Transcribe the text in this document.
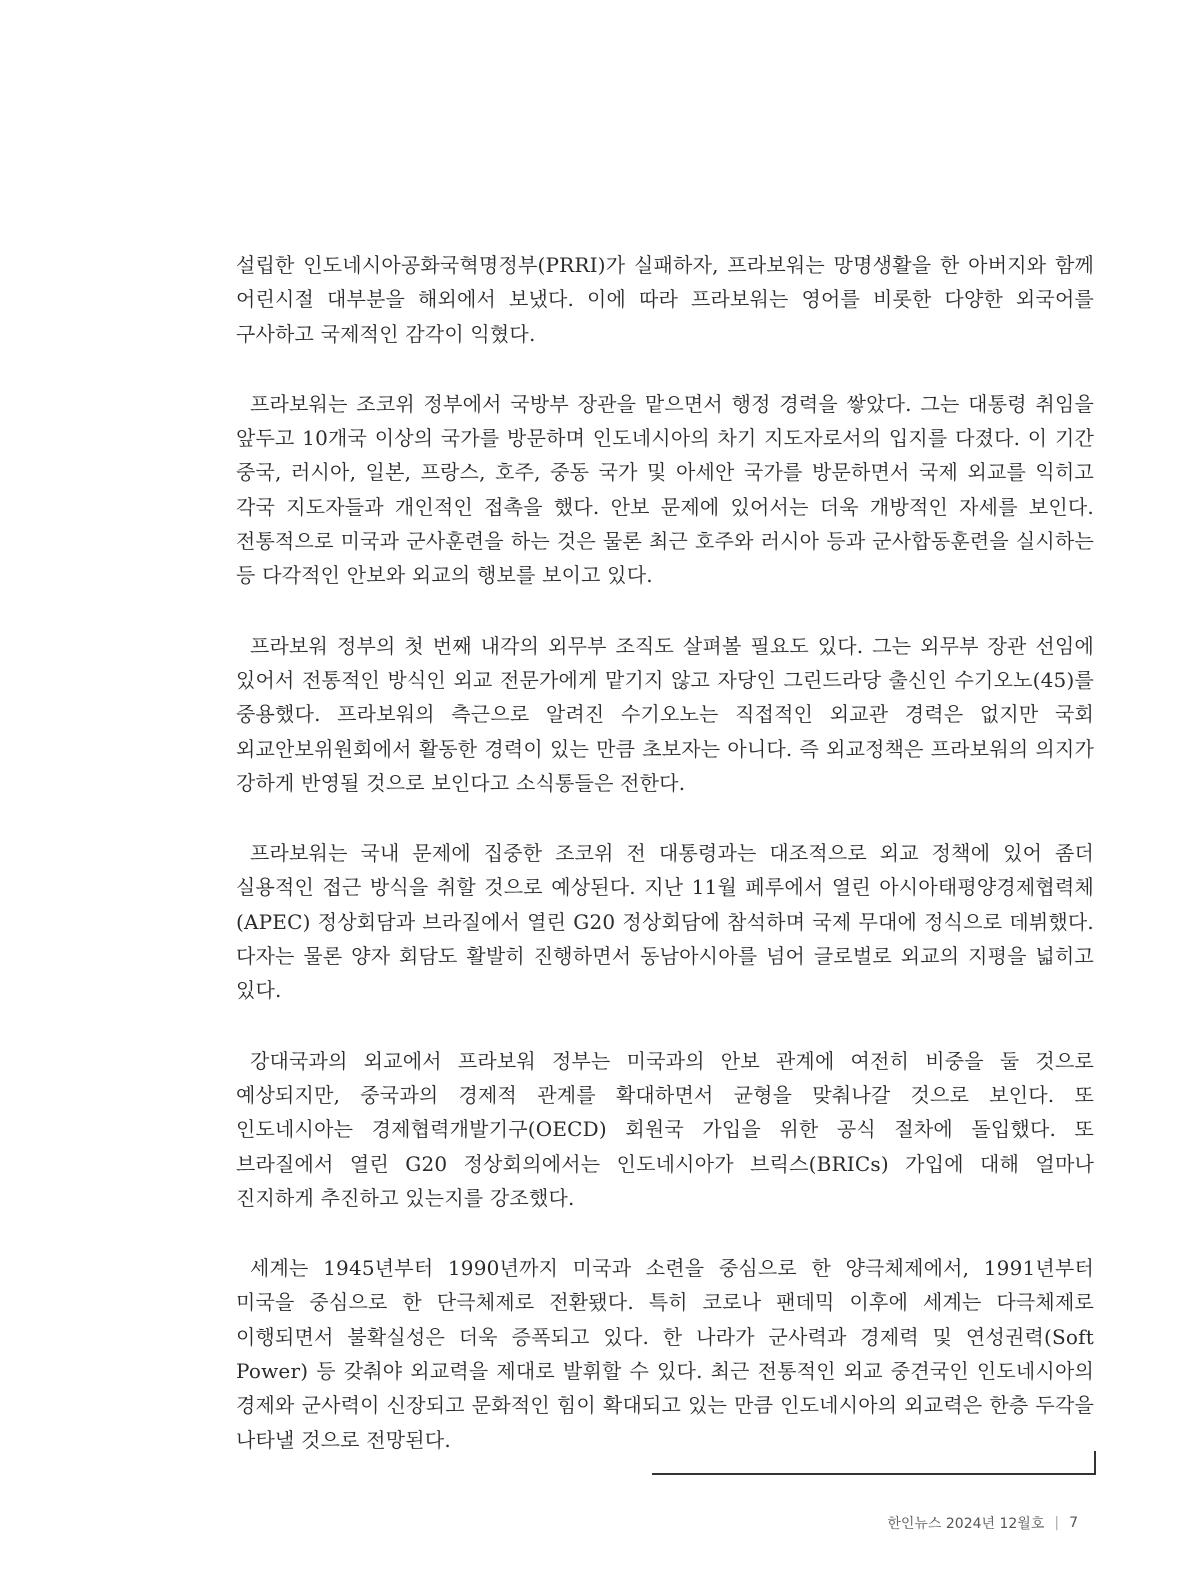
설립한 인도네시아공화국혁명정부(PRRI)가 실패하자, 프라보워는 망명생활을 한 아버지와 함께 어린시절 대부분을 해외에서 보냈다. 이에 따라 프라보워는 영어를 비롯한 다양한 외국어를 구사하고 국제적인 감각이 익혔다.

프라보워는 조코위 정부에서 국방부 장관을 맡으면서 행정 경력을 쌓았다. 그는 대통령 취임을 앞두고 10개국 이상의 국가를 방문하며 인도네시아의 차기 지도자로서의 입지를 다졌다. 이 기간 중국, 러시아, 일본, 프랑스, 호주, 중동 국가 및 아세안 국가를 방문하면서 국제 외교를 익히고 각국 지도자들과 개인적인 접촉을 했다. 안보 문제에 있어서는 더욱 개방적인 자세를 보인다. 전통적으로 미국과 군사훈련을 하는 것은 물론 최근 호주와 러시아 등과 군사합동훈련을 실시하는 등 다각적인 안보와 외교의 행보를 보이고 있다.

프라보워 정부의 첫 번째 내각의 외무부 조직도 살펴볼 필요도 있다. 그는 외무부 장관 선임에 있어서 전통적인 방식인 외교 전문가에게 맡기지 않고 자당인 그린드라당 출신인 수기오노(45)를 중용했다. 프라보워의 측근으로 알려진 수기오노는 직접적인 외교관 경력은 없지만 국회 외교안보위원회에서 활동한 경력이 있는 만큼 초보자는 아니다. 즉 외교정책은 프라보워의 의지가 강하게 반영될 것으로 보인다고 소식통들은 전한다.

프라보워는 국내 문제에 집중한 조코위 전 대통령과는 대조적으로 외교 정책에 있어 좀더 실용적인 접근 방식을 취할 것으로 예상된다. 지난 11월 페루에서 열린 아시아태평양경제협력체(APEC) 정상회담과 브라질에서 열린 G20 정상회담에 참석하며 국제 무대에 정식으로 데뷔했다. 다자는 물론 양자 회담도 활발히 진행하면서 동남아시아를 넘어 글로벌로 외교의 지평을 넓히고 있다.

강대국과의 외교에서 프라보워 정부는 미국과의 안보 관계에 여전히 비중을 둘 것으로 예상되지만, 중국과의 경제적 관계를 확대하면서 균형을 맞춰나갈 것으로 보인다. 또 인도네시아는 경제협력개발기구(OECD) 회원국 가입을 위한 공식 절차에 돌입했다. 또 브라질에서 열린 G20 정상회의에서는 인도네시아가 브릭스(BRICs) 가입에 대해 얼마나 진지하게 추진하고 있는지를 강조했다.

세계는 1945년부터 1990년까지 미국과 소련을 중심으로 한 양극체제에서, 1991년부터 미국을 중심으로 한 단극체제로 전환됐다. 특히 코로나 팬데믹 이후에 세계는 다극체제로 이행되면서 불확실성은 더욱 증폭되고 있다. 한 나라가 군사력과 경제력 및 연성권력(Soft Power) 등 갖춰야 외교력을 제대로 발휘할 수 있다. 최근 전통적인 외교 중견국인 인도네시아의 경제와 군사력이 신장되고 문화적인 힘이 확대되고 있는 만큼 인도네시아의 외교력은 한층 두각을 나타낼 것으로 전망된다.

한인뉴스 2024년 12월호 | 7
